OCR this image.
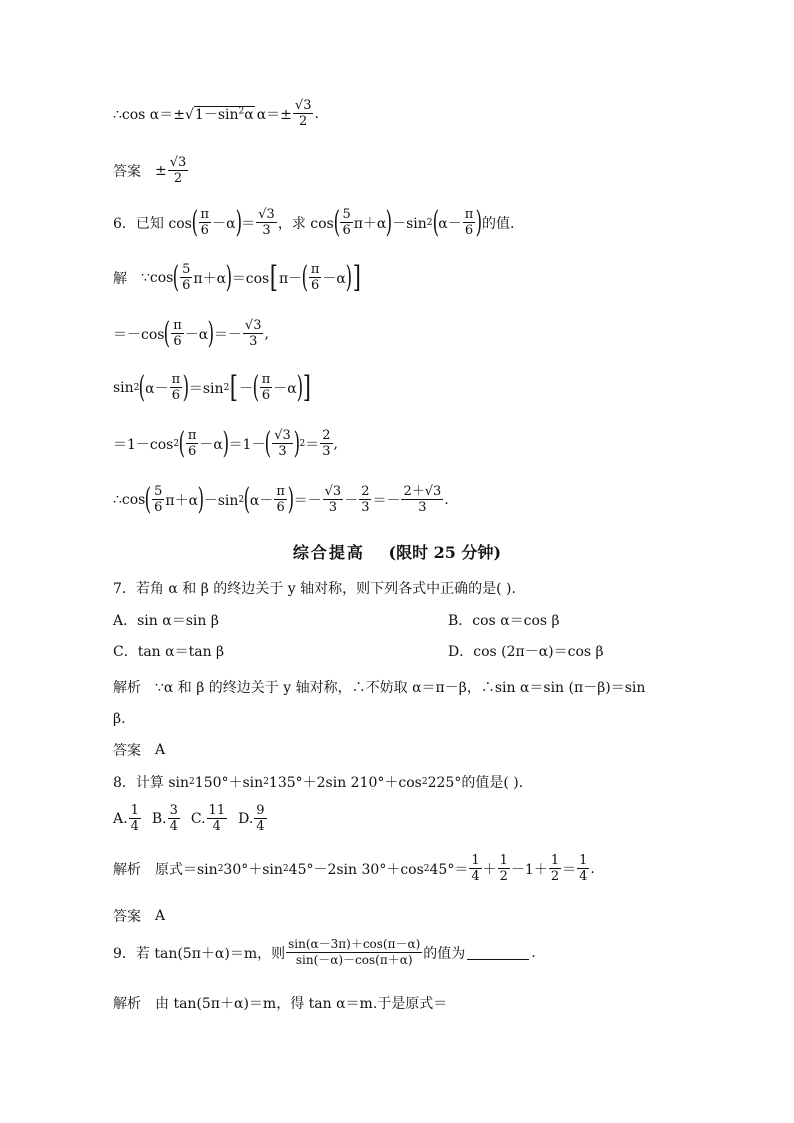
∴cos $\alpha=\pm √1-\sin^2\alpha$ $\alpha=\pm \frac{√3}{2}$ .
答案 ± $\frac{√3}{2}$
6．已知 cos ( $\frac{\pi}{6} -\alpha$ ) ＝ $\frac{√3}{3}$ ，求 cos ( $\frac{5}{6} \pi+\alpha$ ) －sin 2 ( $\alpha- \frac{\pi}{6}$ ) 的值.
解 ∵cos ( $\frac{5}{6} \pi+\alpha$ ) ＝cos [ π－ ( $\frac{\pi}{6} -\alpha$ ) ]
＝－cos ( $\frac{\pi}{6} -\alpha$ ) ＝－ $\frac{√3}{3}$ ,
sin 2 ( $\alpha- \frac{\pi}{6}$ ) ＝sin 2 [ － ( $\frac{\pi}{6} -\alpha$ ) ]
＝1－cos 2 ( $\frac{\pi}{6} -\alpha$ ) ＝1－ ( $\frac{√3}{3}$ ) $2 = \frac{2}{3}$ ,
∴cos ( $\frac{5}{6} \pi+\alpha$ ) －sin 2 ( $\alpha- \frac{\pi}{6}$ ) ＝－ $\frac{√3}{3} - \frac{2}{3} =- \frac{2+√3}{3}$ .
综合提高 (限时 25 分钟)
7．若角 α 和 β 的终边关于 y 轴对称，则下列各式中正确的是( ).
A．sin α＝sin β	B．cos α＝cos β
C．tan α＝tan β	D．cos (2π－α)＝cos β
解析 ∵α 和 β 的终边关于 y 轴对称，∴不妨取 α＝π－β，∴sin α＝sin (π－β)＝sin
β.
答案 A
8．计算 sin 2 150°＋sin 2 135°＋2sin 210°＋cos 2 225°的值是( ).
A. $\frac{1}{4} B$. $\frac{3}{4} C$. $\frac{11}{4} D$. $\frac{9}{4}$
解析 原式＝sin 2 30°＋sin 2 45°－2sin 30°＋cos 2 $45^\circ= \frac{1}{4} + \frac{1}{2} -1+ \frac{1}{2} = \frac{1}{4}$ .
答案 A
9．若 tan(5π＋α)＝m，则 $\frac{\sin(\alpha-3\pi)+\cos(\pi-\alpha)}{\sin(-\alpha)-\cos(\pi+\alpha)}$ 的值为	.
解析 由 tan(5π＋α)＝m，得 tan α＝m.于是原式＝
